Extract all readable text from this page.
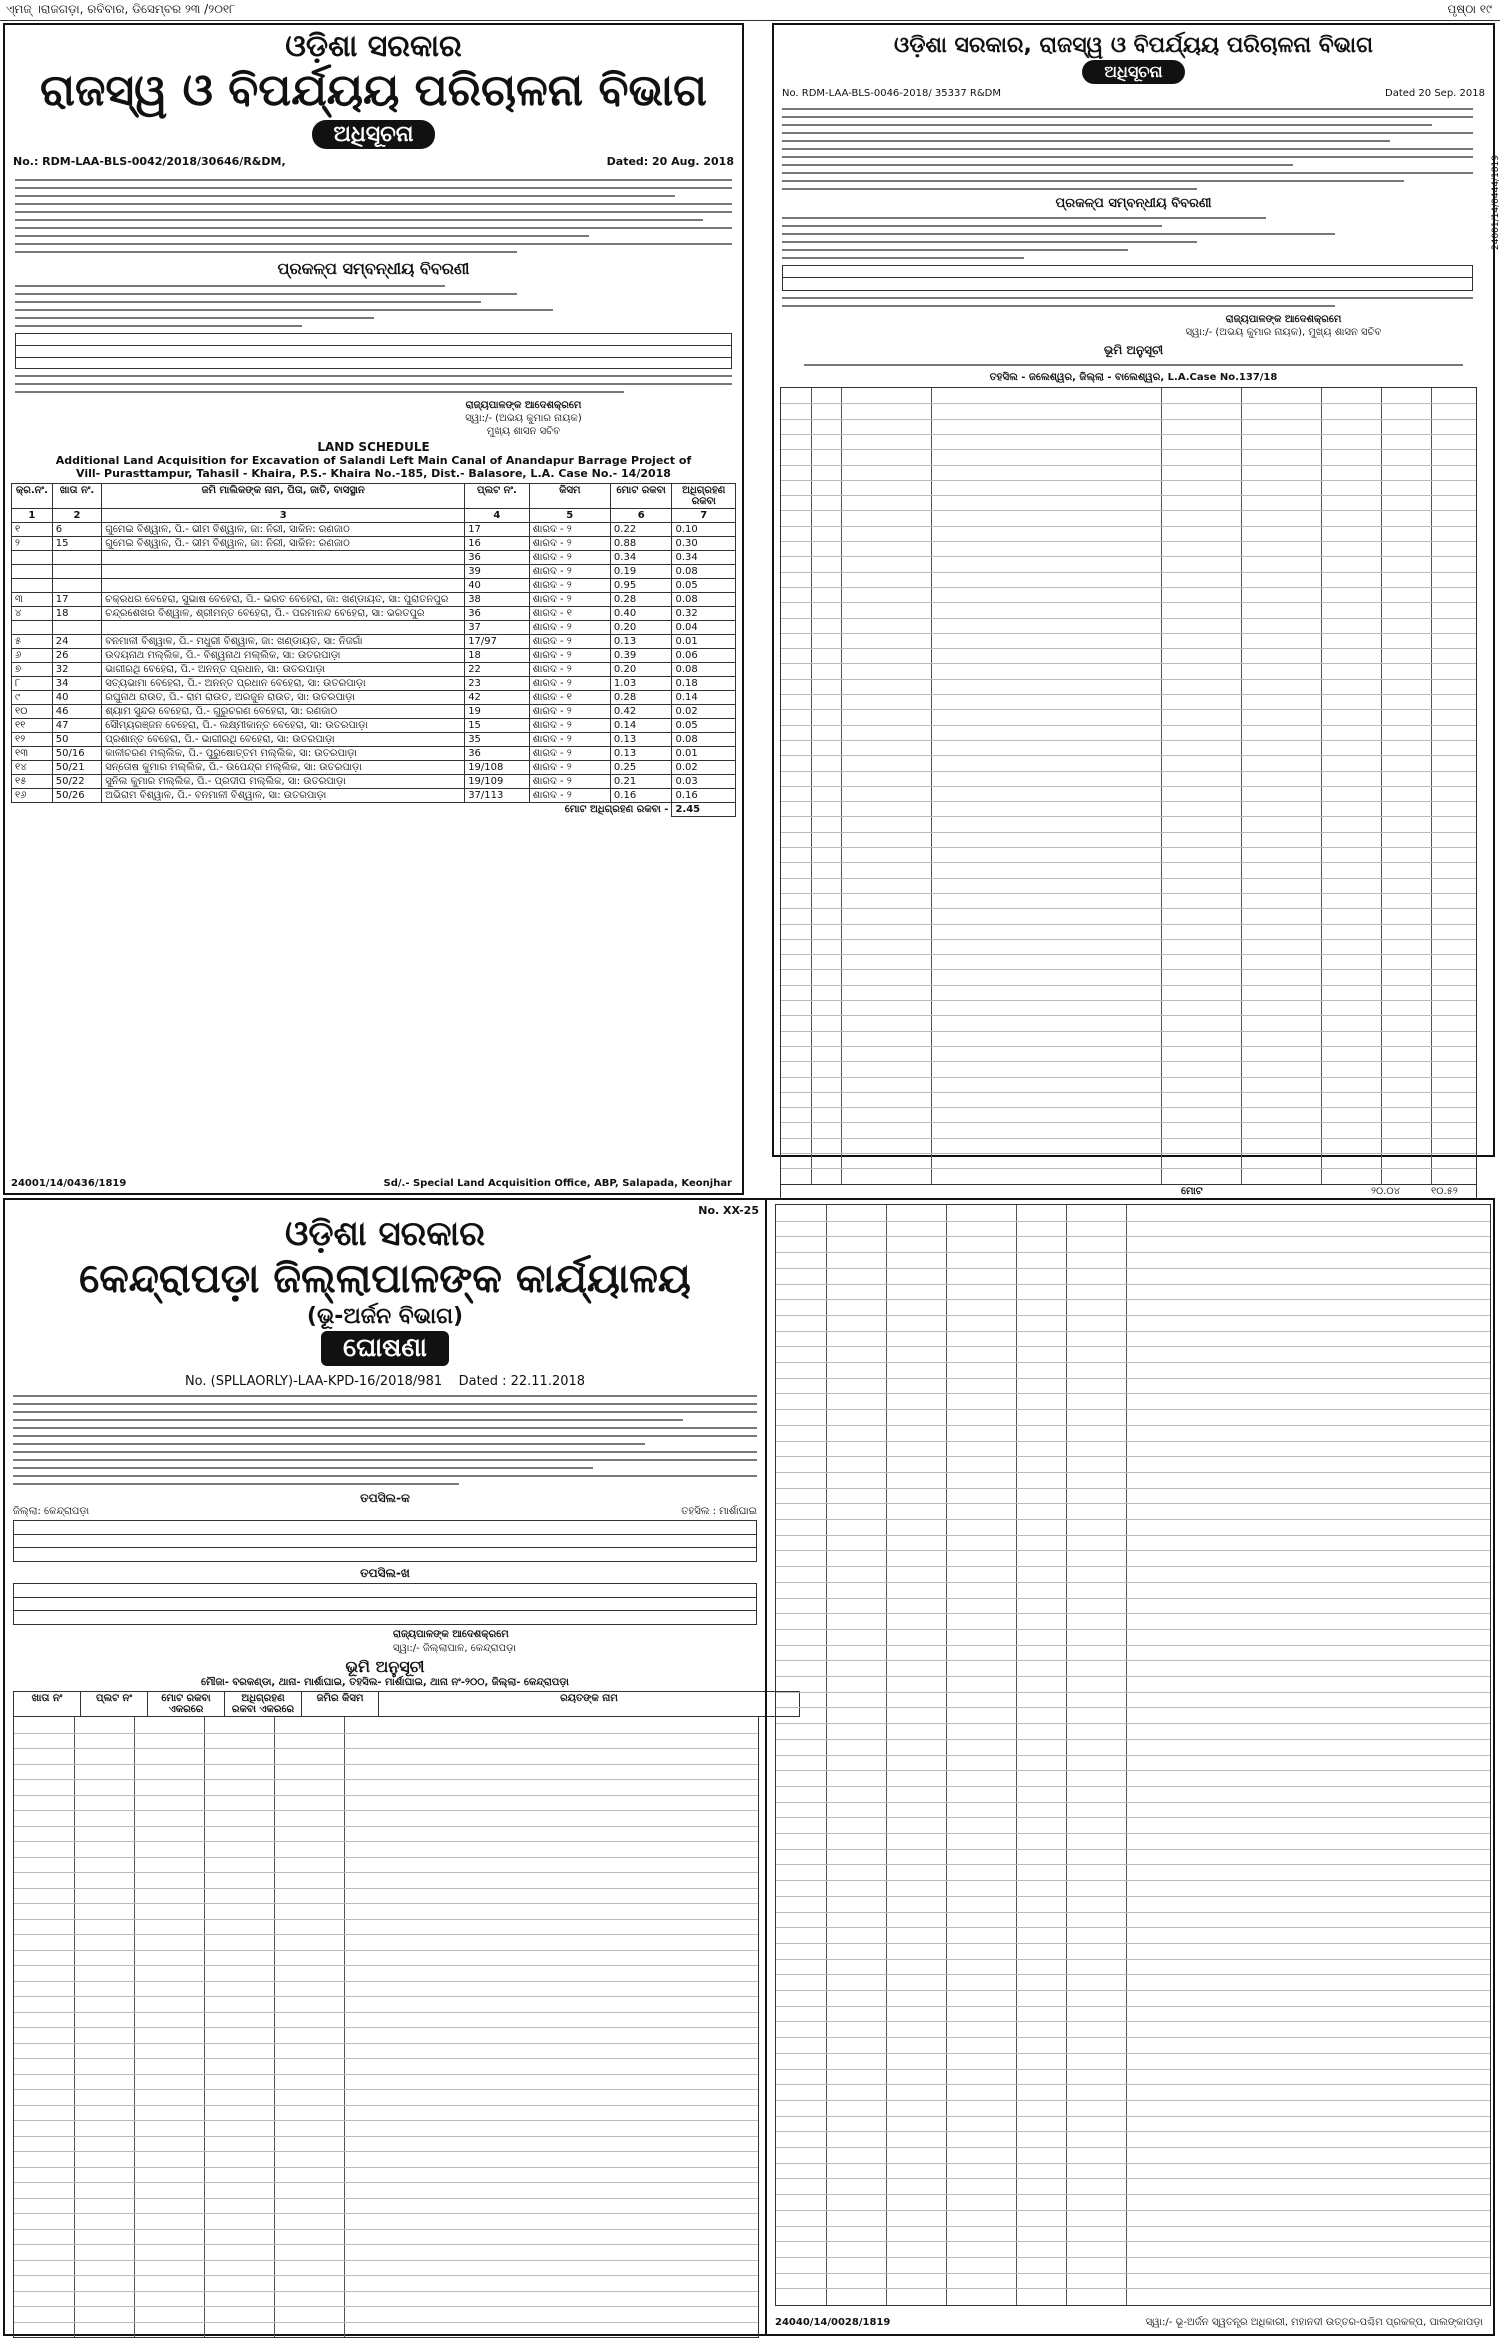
ଏ୍ମଜ୍ ।ରାଜଗଡ଼ା, ରବିବାର, ଡିସେମ୍ବର ୨୩ /୨୦୧୮	ପୃଷ୍ଠା ୧୯
ଓଡ଼ିଶା ସରକାର
ରାଜସ୍ୱ ଓ ବିପର୍ଯ୍ୟୟ ପରିଚାଳନା ବିଭାଗ
ଅଧିସୂଚନା
No.: RDM-LAA-BLS-0042/2018/30646/R&DM,	Dated: 20 Aug. 2018
ପ୍ରକଳ୍ପ ସମ୍ବନ୍ଧୀୟ ବିବରଣୀ
ରାଜ୍ୟପାଳଙ୍କ ଆଦେଶକ୍ରମେ
ସ୍ୱା:/- (ଅଭୟ କୁମାର ନାୟକ)
ମୁଖ୍ୟ ଶାସନ ସଚିବ
LAND SCHEDULE
Additional Land Acquisition for Excavation of Salandi Left Main Canal of Anandapur Barrage Project of
Vill- Purasttampur, Tahasil - Khaira, P.S.- Khaira No.-185, Dist.- Balasore, L.A. Case No.- 14/2018
କ୍ର.ନଂ.	ଖାତା ନଂ.	ଜମି ମାଲିକଙ୍କ ନାମ, ପିତା, ଜାତି, ବାସସ୍ଥାନ	ପ୍ଲଟ ନଂ.	କିସମ	ମୋଟ ରକବା	ଅଧିଗ୍ରହଣ ରକବା
1	2	3	4	5	6	7
୧	6	ଗୁମେଇ ବିଶ୍ୱାଳ, ପି.- ଭୀମ ବିଶ୍ୱାଳ, ଜା: ନିରୀ, ସାକିନ: ରଣଜାଠ	17	ଶାରଦ - ୨	0.22	0.10
୨	15	ଗୁମେଇ ବିଶ୍ୱାଳ, ପି.- ଭୀମ ବିଶ୍ୱାଳ, ଜା: ନିରୀ, ସାକିନ: ରଣଜାଠ	16	ଶାରଦ - ୨	0.88	0.30
			36	ଶାରଦ - ୨	0.34	0.34
			39	ଶାରଦ - ୨	0.19	0.08
			40	ଶାରଦ - ୨	0.95	0.05
୩	17	ଚକ୍ରଧର ବେହେରା, ସୁଭାଷ ବେହେରା, ପି.- ଭରତ ବେହେରା, ଜା: ଖଣ୍ଡାୟତ, ସା: ପୁରାତନପୁର	38	ଶାରଦ - ୨	0.28	0.08
୪	18	ଚନ୍ଦ୍ରଶେଖର ବିଶ୍ୱାଳ, ଶ୍ରୀମନ୍ତ ବେହେରା, ପି.- ପରମାନନ୍ଦ ବେହେରା, ସା: ଭରତପୁର	36	ଶାରଦ - ୧	0.40	0.32
			37	ଶାରଦ - ୨	0.20	0.04
୫	24	ବନମାଳୀ ବିଶ୍ୱାଳ, ପି.- ମଧୁରୀ ବିଶ୍ୱାଳ, ଜା: ଖଣ୍ଡାୟତ, ସା: ନିଜଗାଁ	17/97	ଶାରଦ - ୨	0.13	0.01
୬	26	ଉଦୟନାଥ ମଲ୍ଲିକ, ପି.- ବିଶ୍ୱନାଥ ମଲ୍ଲିକ, ସା: ଉତରପାଡ଼ା	18	ଶାରଦ - ୨	0.39	0.06
୭	32	ଭାଗୀରଥି ବେହେରା, ପି.- ଅନନ୍ତ ପ୍ରଧାନ, ସା: ଉତରପାଡ଼ା	22	ଶାରଦ - ୨	0.20	0.08
୮	34	ସତ୍ୟଭାମା ବେହେରା, ପି.- ଅନନ୍ତ ପ୍ରଧାନ ବେହେରା, ସା: ଉତରପାଡ଼ା	23	ଶାରଦ - ୨	1.03	0.18
୯	40	ରଘୁନାଥ ରାଉତ, ପି.- ରାମ ରାଉତ, ଅରଜୁନ ରାଉତ, ସା: ଉତରପାଡ଼ା	42	ଶାରଦ - ୧	0.28	0.14
୧୦	46	ଶ୍ୟାମ ସୁନ୍ଦର ବେହେରା, ପି.- ଗୁରୁଚରଣ ବେହେରା, ସା: ରଣଜାଠ	19	ଶାରଦ - ୨	0.42	0.02
୧୧	47	ସୌମ୍ୟରଞ୍ଜନ ବେହେରା, ପି.- ଲକ୍ଷ୍ମୀକାନ୍ତ ବେହେରା, ସା: ଉତରପାଡ଼ା	15	ଶାରଦ - ୨	0.14	0.05
୧୨	50	ପ୍ରଶାନ୍ତ ବେହେରା, ପି.- ଭାଗୀରଥି ବେହେରା, ସା: ଉତରପାଡ଼ା	35	ଶାରଦ - ୨	0.13	0.08
୧୩	50/16	କାଳୀଚରଣ ମଲ୍ଲିକ, ପି.- ପୁରୁଷୋତ୍ତମ ମଲ୍ଲିକ, ସା: ଉତରପାଡ଼ା	36	ଶାରଦ - ୨	0.13	0.01
୧୪	50/21	ସନ୍ତୋଷ କୁମାର ମଲ୍ଲିକ, ପି.- ଉପେନ୍ଦ୍ର ମଲ୍ଲିକ, ସା: ଉତରପାଡ଼ା	19/108	ଶାରଦ - ୨	0.25	0.02
୧୫	50/22	ସୁନିଲ କୁମାର ମଲ୍ଲିକ, ପି.- ପ୍ରଦୀପ ମଲ୍ଲିକ, ସା: ଉତରପାଡ଼ା	19/109	ଶାରଦ - ୨	0.21	0.03
୧୬	50/26	ଅଭିରାମ ବିଶ୍ୱାଳ, ପି.- ବନମାଳୀ ବିଶ୍ୱାଳ, ସା: ଉତରପାଡ଼ା	37/113	ଶାରଦ - ୨	0.16	0.16
ମୋଟ ଅଧିଗ୍ରହଣ ରକବା -						2.45
24001/14/0436/1819	Sd/.- Special Land Acquisition Office, ABP, Salapada, Keonjhar
ଓଡ଼ିଶା ସରକାର, ରାଜସ୍ୱ ଓ ବିପର୍ଯ୍ୟୟ ପରିଚାଳନା ବିଭାଗ
ଅଧିସୂଚନା
No. RDM-LAA-BLS-0046-2018/ 35337 R&DM	Dated 20 Sep. 2018
ପ୍ରକଳ୍ପ ସମ୍ବନ୍ଧୀୟ ବିବରଣୀ
ରାଜ୍ୟପାଳଙ୍କ ଆଦେଶକ୍ରମେ
ସ୍ୱା:/- (ଅଭୟ କୁମାର ନାୟକ), ମୁଖ୍ୟ ଶାସନ ସଚିବ
ଭୂମି ଅନୁସୂଚୀ
ତହସିଲ - ଜଲେଶ୍ୱର, ଜିଲ୍ଲା - ବାଲେଶ୍ୱର, L.A.Case No.137/18
ମୋଟ	୨୦.୦୪	୧୦.୫୨
24001/14/0444/1819
No. XX-25
ଓଡ଼ିଶା ସରକାର
କେନ୍ଦ୍ରାପଡ଼ା ଜିଲ୍ଲାପାଳଙ୍କ କାର୍ଯ୍ୟାଳୟ
(ଭୂ-ଅର୍ଜନ ବିଭାଗ)
ଘୋଷଣା
No. (SPLLAORLY)-LAA-KPD-16/2018/981 Dated : 22.11.2018
ତପସିଲ-କ
ଜିଲ୍ଲା: କେନ୍ଦ୍ରାପଡ଼ା	ତହସିଲ : ମାର୍ଶାଘାଇ
ତପସିଲ-ଖ
ରାଜ୍ୟପାଳଙ୍କ ଆଦେଶକ୍ରମେ
ସ୍ୱା:/- ଜିଲ୍ଲାପାଳ, କେନ୍ଦ୍ରାପଡ଼ା
ଭୂମି ଅନୁସୂଚୀ
ମୌଜା- ବରକଣ୍ଡା, ଥାନା- ମାର୍ଶାଘାଇ, ତହସିଲ- ମାର୍ଶାଘାଇ, ଥାନା ନଂ-୨୦୦, ଜିଲ୍ଲା- କେନ୍ଦ୍ରାପଡ଼ା
ଖାତା ନଂ	ପ୍ଲଟ ନଂ	ମୋଟ ରକବା ଏକରରେ	ଅଧିଗ୍ରହଣ ରକବା ଏକରରେ	ଜମିର କିସମ	ରୟତଙ୍କ ନାମ
24040/14/0028/1819	ସ୍ୱା:/- ଭୂ-ଅର୍ଜନ ସ୍ୱତନ୍ତ୍ର ଅଧିକାରୀ, ମହାନଦୀ ଉତ୍ତର-ପଶ୍ଚିମ ପ୍ରକଳ୍ପ, ପାଲଙ୍କାପଡ଼ା
